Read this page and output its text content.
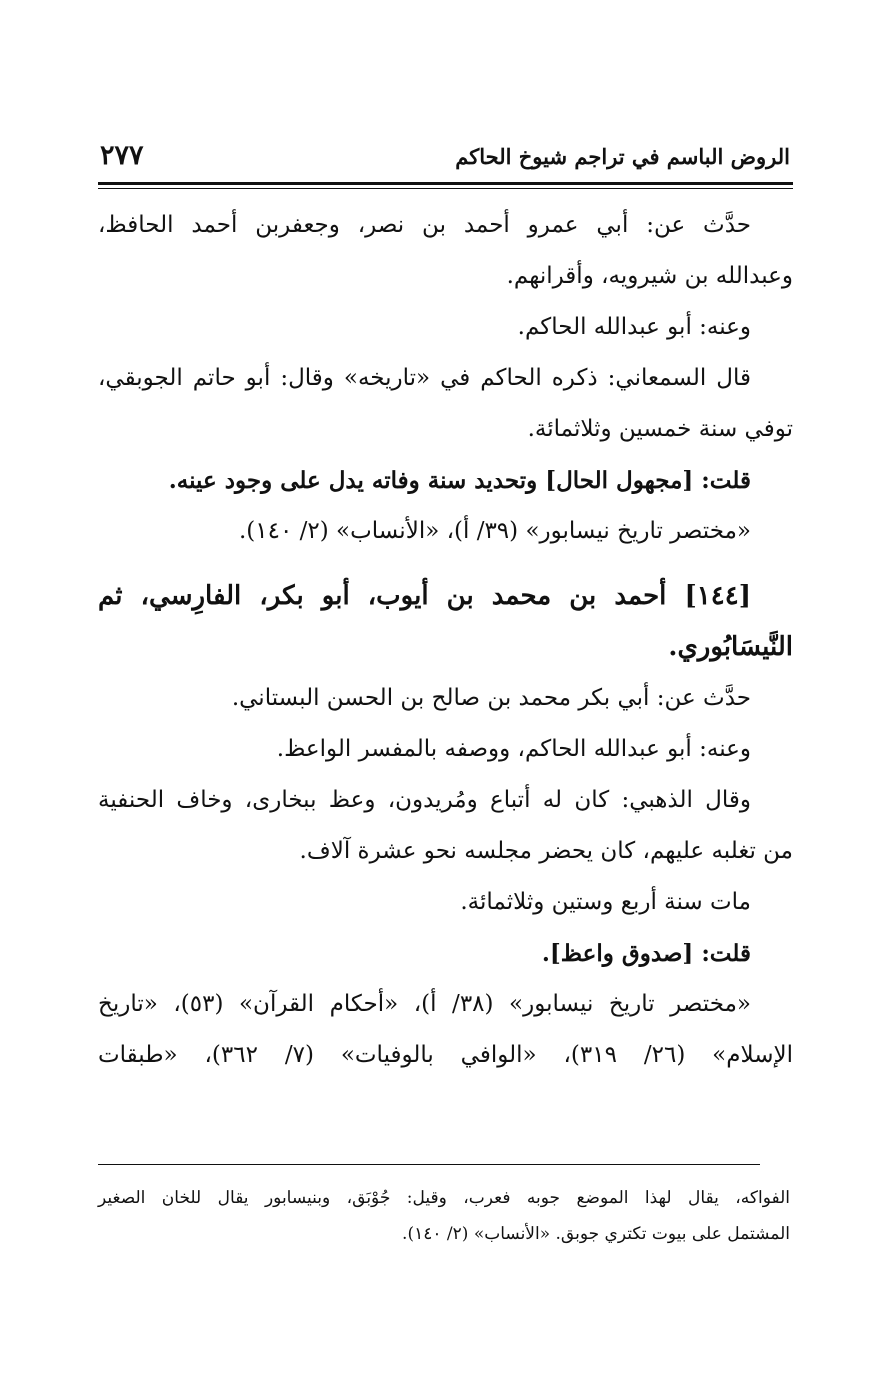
الروض الباسم في تراجم شيوخ الحاكم
٢٧٧
حدَّث عن: أبي عمرو أحمد بن نصر، وجعفربن أحمد الحافظ،
وعبدالله بن شيرويه، وأقرانهم.
وعنه: أبو عبدالله الحاكم.
قال السمعاني: ذكره الحاكم في «تاريخه» وقال: أبو حاتم الجوبقي،
توفي سنة خمسين وثلاثمائة.
قلت: [مجهول الحال] وتحديد سنة وفاته يدل على وجود عينه.
«مختصر تاريخ نيسابور» (٣٩/ أ)، «الأنساب» (٢/ ١٤٠).
[١٤٤] أحمد بن محمد بن أيوب، أبو بكر، الفارِسي، ثم
النَّيسَابُوري.
حدَّث عن: أبي بكر محمد بن صالح بن الحسن البستاني.
وعنه: أبو عبدالله الحاكم، ووصفه بالمفسر الواعظ.
وقال الذهبي: كان له أتباع ومُريدون، وعظ ببخارى، وخاف الحنفية
من تغلبه عليهم، كان يحضر مجلسه نحو عشرة آلاف.
مات سنة أربع وستين وثلاثمائة.
قلت: [صدوق واعظ].
«مختصر تاريخ نيسابور» (٣٨/ أ)، «أحكام القرآن» (٥٣)، «تاريخ
الإسلام» (٢٦/ ٣١٩)، «الوافي بالوفيات» (٧/ ٣٦٢)، «طبقات
الفواكه، يقال لهذا الموضع جوبه فعرب، وقيل: جُوْبَق، وبنيسابور يقال للخان الصغير
المشتمل على بيوت تكتري جوبق. «الأنساب» (٢/ ١٤٠).
